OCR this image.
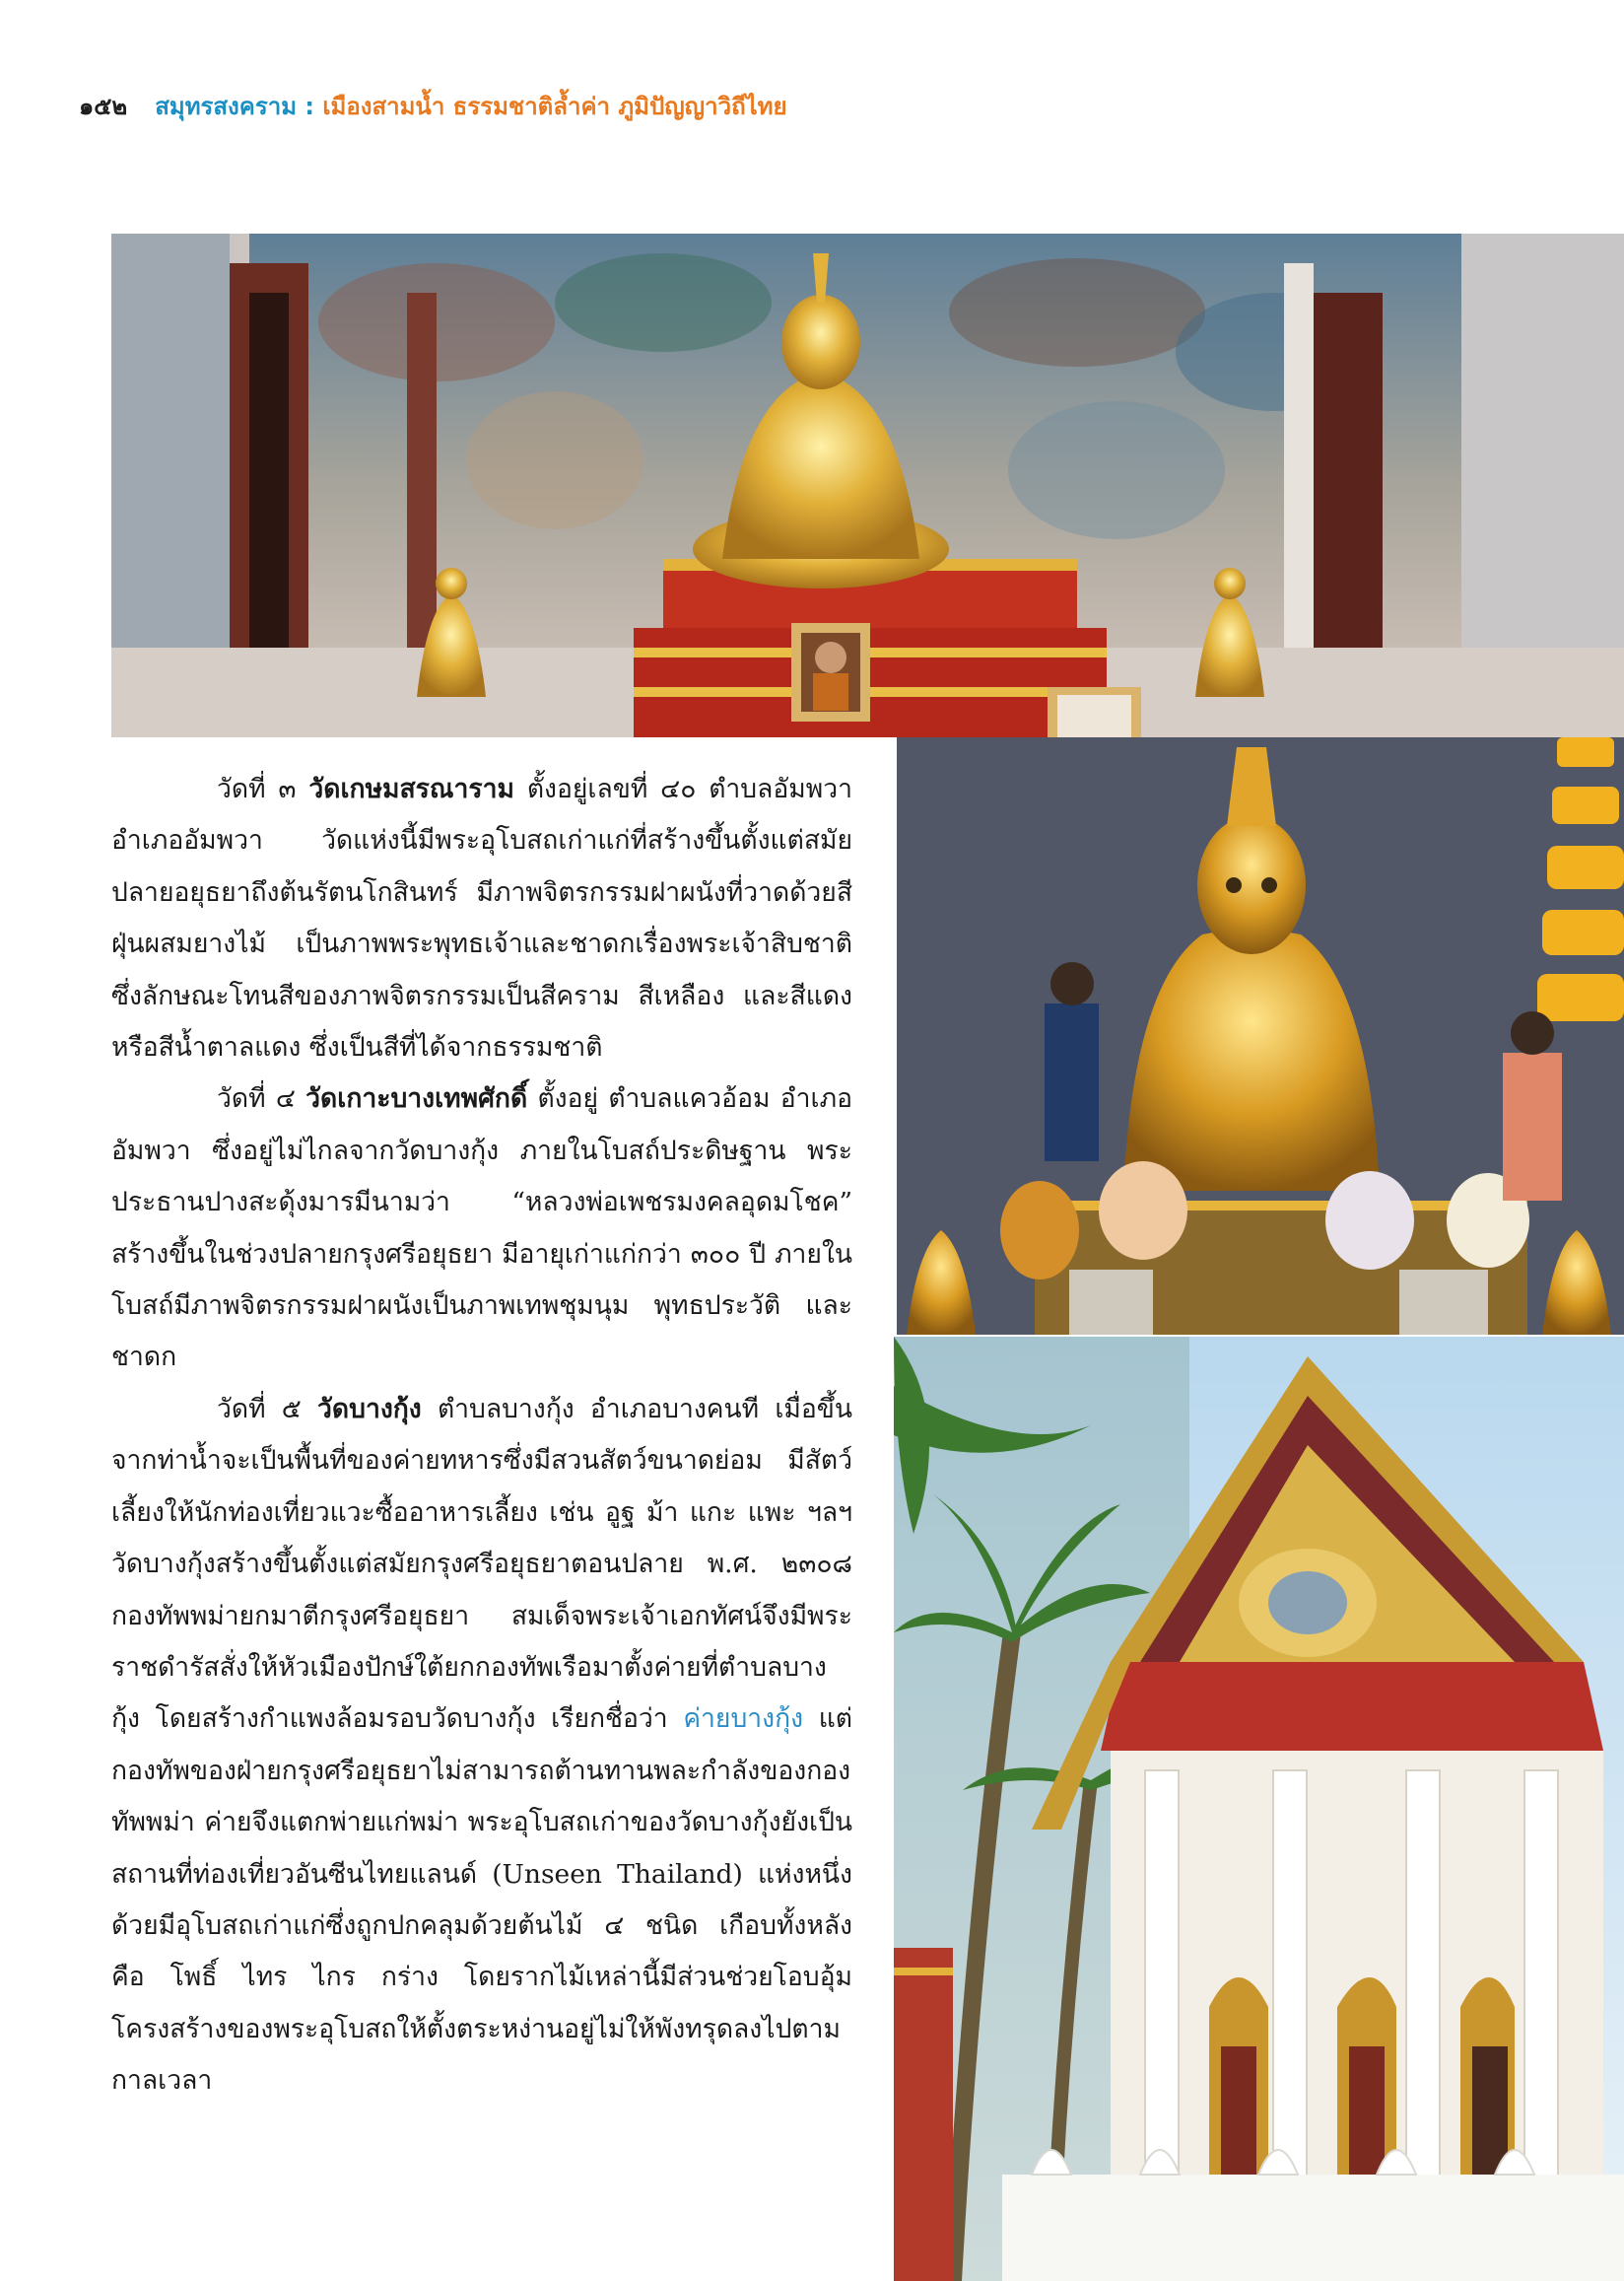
๑๕๒ สมุทรสงคราม : เมืองสามน้ำ ธรรมชาติล้ำค่า ภูมิปัญญาวิถีไทย

วัดที่ ๓ วัดเกษมสรณาราม ตั้งอยู่เลขที่ ๔๐ ตำบลอัมพวา อำเภออัมพวา วัดแห่งนี้มีพระอุโบสถเก่าแก่ที่สร้างขึ้นตั้งแต่สมัยปลายอยุธยาถึงต้นรัตนโกสินทร์ มีภาพจิตรกรรมฝาผนังที่วาดด้วยสีฝุ่นผสมยางไม้ เป็นภาพพระพุทธเจ้าและชาดกเรื่องพระเจ้าสิบชาติ ซึ่งลักษณะโทนสีของภาพจิตรกรรมเป็นสีคราม สีเหลือง และสีแดง หรือสีน้ำตาลแดง ซึ่งเป็นสีที่ได้จากธรรมชาติ

วัดที่ ๔ วัดเกาะบางเทพศักดิ์ ตั้งอยู่ ตำบลแควอ้อม อำเภออัมพวา ซึ่งอยู่ไม่ไกลจากวัดบางกุ้ง ภายในโบสถ์ประดิษฐาน พระประธานปางสะดุ้งมารมีนามว่า “หลวงพ่อเพชรมงคลอุดมโชค” สร้างขึ้นในช่วงปลายกรุงศรีอยุธยา มีอายุเก่าแก่กว่า ๓๐๐ ปี ภายในโบสถ์มีภาพจิตรกรรมฝาผนังเป็นภาพเทพชุมนุม พุทธประวัติ และชาดก

วัดที่ ๕ วัดบางกุ้ง ตำบลบางกุ้ง อำเภอบางคนที เมื่อขึ้นจากท่าน้ำจะเป็นพื้นที่ของค่ายทหารซึ่งมีสวนสัตว์ขนาดย่อม มีสัตว์เลี้ยงให้นักท่องเที่ยวแวะซื้ออาหารเลี้ยง เช่น อูฐ ม้า แกะ แพะ ฯลฯ วัดบางกุ้งสร้างขึ้นตั้งแต่สมัยกรุงศรีอยุธยาตอนปลาย พ.ศ. ๒๓๐๘ กองทัพพม่ายกมาตีกรุงศรีอยุธยา สมเด็จพระเจ้าเอกทัศน์จึงมีพระราชดำรัสสั่งให้หัวเมืองปักษ์ใต้ยกกองทัพเรือมาตั้งค่ายที่ตำบลบางกุ้ง โดยสร้างกำแพงล้อมรอบวัดบางกุ้ง เรียกชื่อว่า ค่ายบางกุ้ง แต่กองทัพของฝ่ายกรุงศรีอยุธยาไม่สามารถต้านทานพละกำลังของกองทัพพม่า ค่ายจึงแตกพ่ายแก่พม่า พระอุโบสถเก่าของวัดบางกุ้งยังเป็นสถานที่ท่องเที่ยวอันซีนไทยแลนด์ (Unseen Thailand) แห่งหนึ่ง ด้วยมีอุโบสถเก่าแก่ซึ่งถูกปกคลุมด้วยต้นไม้ ๔ ชนิด เกือบทั้งหลัง คือ โพธิ์ ไทร ไกร กร่าง โดยรากไม้เหล่านี้มีส่วนช่วยโอบอุ้มโครงสร้างของพระอุโบสถให้ตั้งตระหง่านอยู่ไม่ให้พังทรุดลงไปตามกาลเวลา
